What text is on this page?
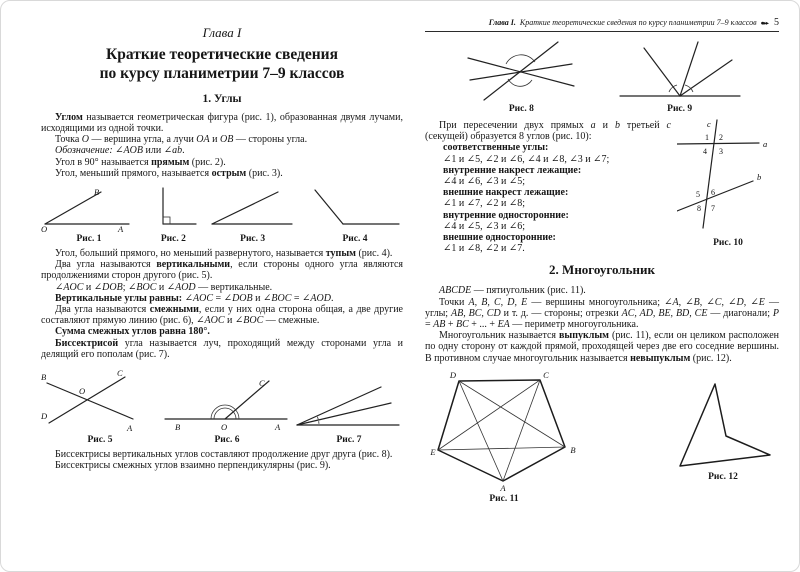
Глава I
Краткие теоретические сведения
по курсу планиметрии 7–9 классов
1. Углы

Углом называется геометрическая фигура (рис. 1), образованная двумя лучами, исходящими из одной точки.

Точка O — вершина угла, а лучи OA и OB — стороны угла.

Обозначение: ∠AOB или ∠ab.

Угол в 90° называется прямым (рис. 2).

Угол, меньший прямого, называется острым (рис. 3).

B
A
O
Рис. 1	Рис. 2	Рис. 3	Рис. 4

Угол, больший прямого, но меньший развернутого, называется тупым (рис. 4).

Два угла называются вертикальными, если стороны одного угла являются продолжениями сторон другого (рис. 5).

∠AOC и ∠DOB; ∠BOC и ∠AOD — вертикальные.

Вертикальные углы равны: ∠AOC = ∠DOB и ∠BOC = ∠AOD.

Два угла называются смежными, если у них одна сторона общая, а две другие составляют прямую линию (рис. 6), ∠AOC и ∠BOC — смежные.

Сумма смежных углов равна 180°.

Биссектрисой угла называется луч, проходящий между сторонами угла и делящий его пополам (рис. 7).

B	C
O
D
A
Рис. 5
B	O	A
C
Рис. 6	Рис. 7

Биссектрисы вертикальных углов составляют продолжение друг друга (рис. 8).

Биссектрисы смежных углов взаимно перпендикулярны (рис. 9).

Глава I. Краткие теоретические сведения по курсу планиметрии 7–9 классов ●▸▸ 5
Рис. 8	Рис. 9
c
a
b
1 2
3
4
5 6
7
8
Рис. 10

При пересечении двух прямых a и b третьей c (секущей) образуется 8 углов (рис. 10):

соответственные углы:
∠1 и ∠5, ∠2 и ∠6, ∠4 и ∠8, ∠3 и ∠7;
внутренние накрест лежащие:
∠4 и ∠6, ∠3 и ∠5;
внешние накрест лежащие:
∠1 и ∠7, ∠2 и ∠8;
внутренние односторонние:
∠4 и ∠5, ∠3 и ∠6;
внешние односторонние:
∠1 и ∠8, ∠2 и ∠7.
2. Многоугольник

ABCDE — пятиугольник (рис. 11).

Точки A, B, C, D, E — вершины многоугольника; ∠A, ∠B, ∠C, ∠D, ∠E — углы; AB, BC, CD и т. д. — стороны; отрезки AC, AD, BE, BD, CE — диагонали; P = AB + BC + ... + EA — периметр многоугольника.

Многоугольник называется выпуклым (рис. 11), если он целиком расположен по одну сторону от каждой прямой, проходящей через две его соседние вершины. В противном случае многоугольник называется невыпуклым (рис. 12).

D	C
B
A
E
Рис. 11
Рис. 12
